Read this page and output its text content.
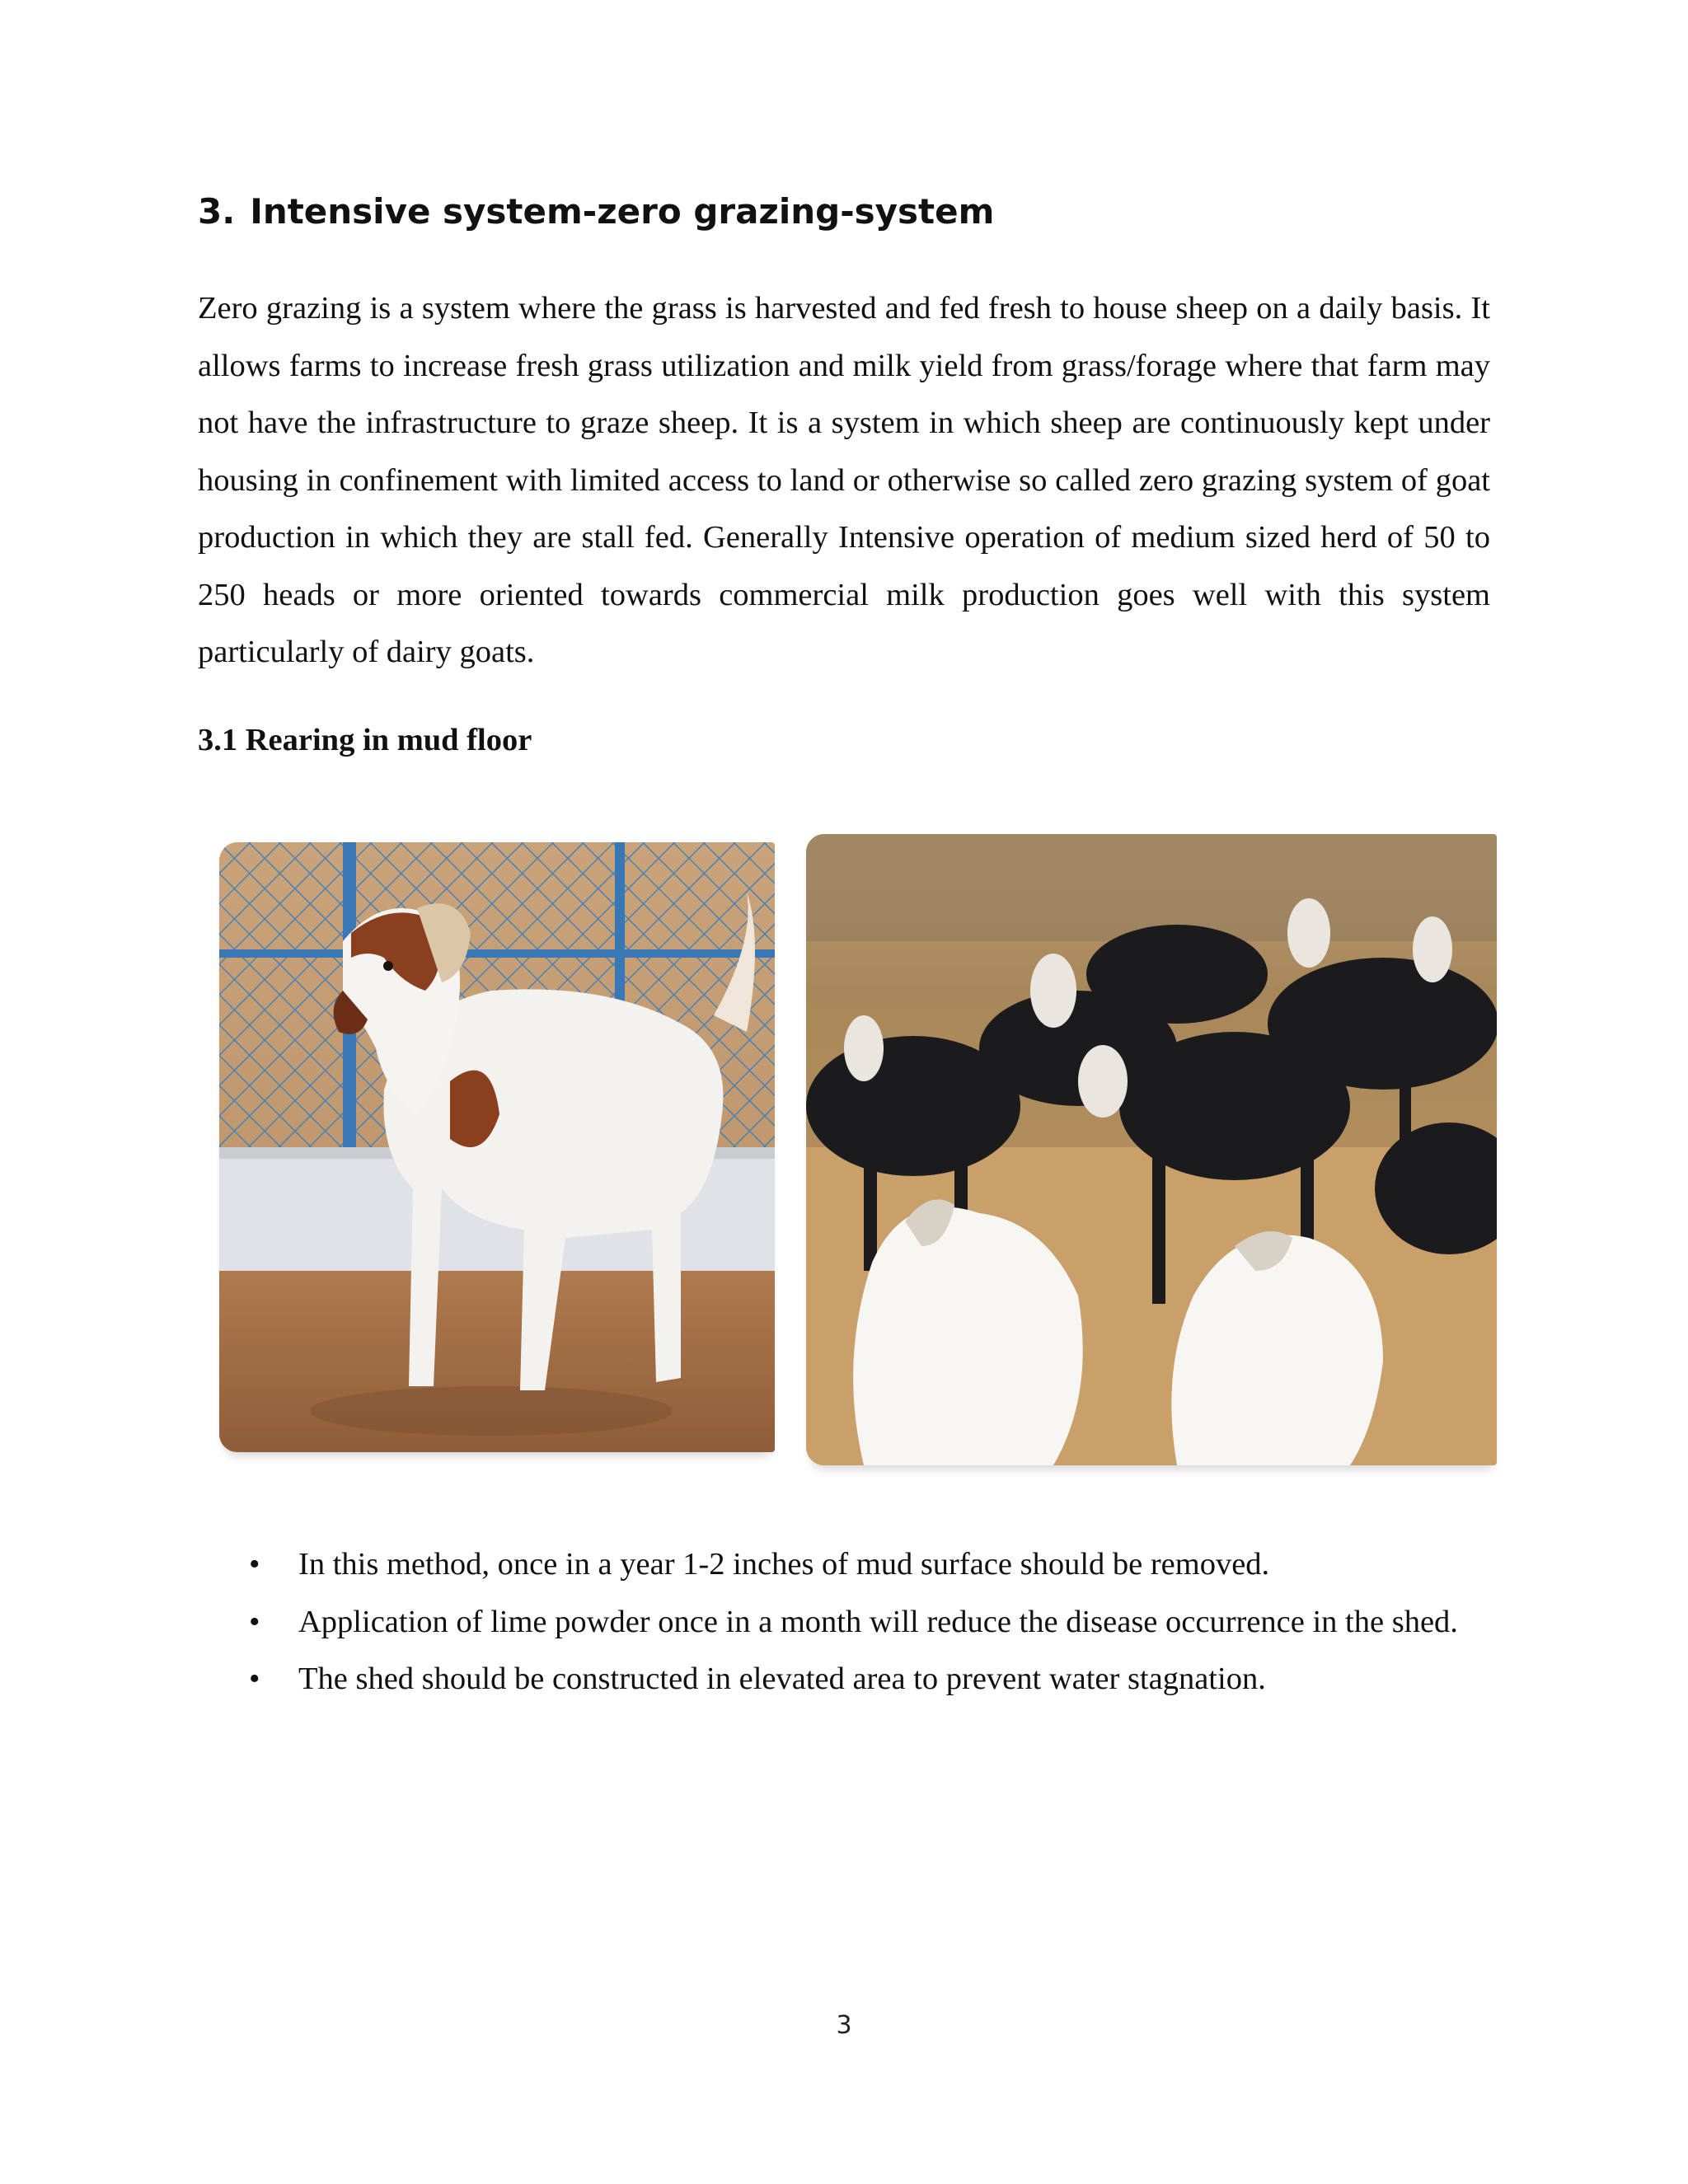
3. Intensive system-zero grazing-system

Zero grazing is a system where the grass is harvested and fed fresh to house sheep on a daily basis. It allows farms to increase fresh grass utilization and milk yield from grass/forage where that farm may not have the infrastructure to graze sheep. It is a system in which sheep are continuously kept under housing in confinement with limited access to land or otherwise so called zero grazing system of goat production in which they are stall fed. Generally Intensive operation of medium sized herd of 50 to 250 heads or more oriented towards commercial milk production goes well with this system particularly of dairy goats.

3.1 Rearing in mud floor
• In this method, once in a year 1-2 inches of mud surface should be removed.
• Application of lime powder once in a month will reduce the disease occurrence in the shed.
• The shed should be constructed in elevated area to prevent water stagnation.
3
